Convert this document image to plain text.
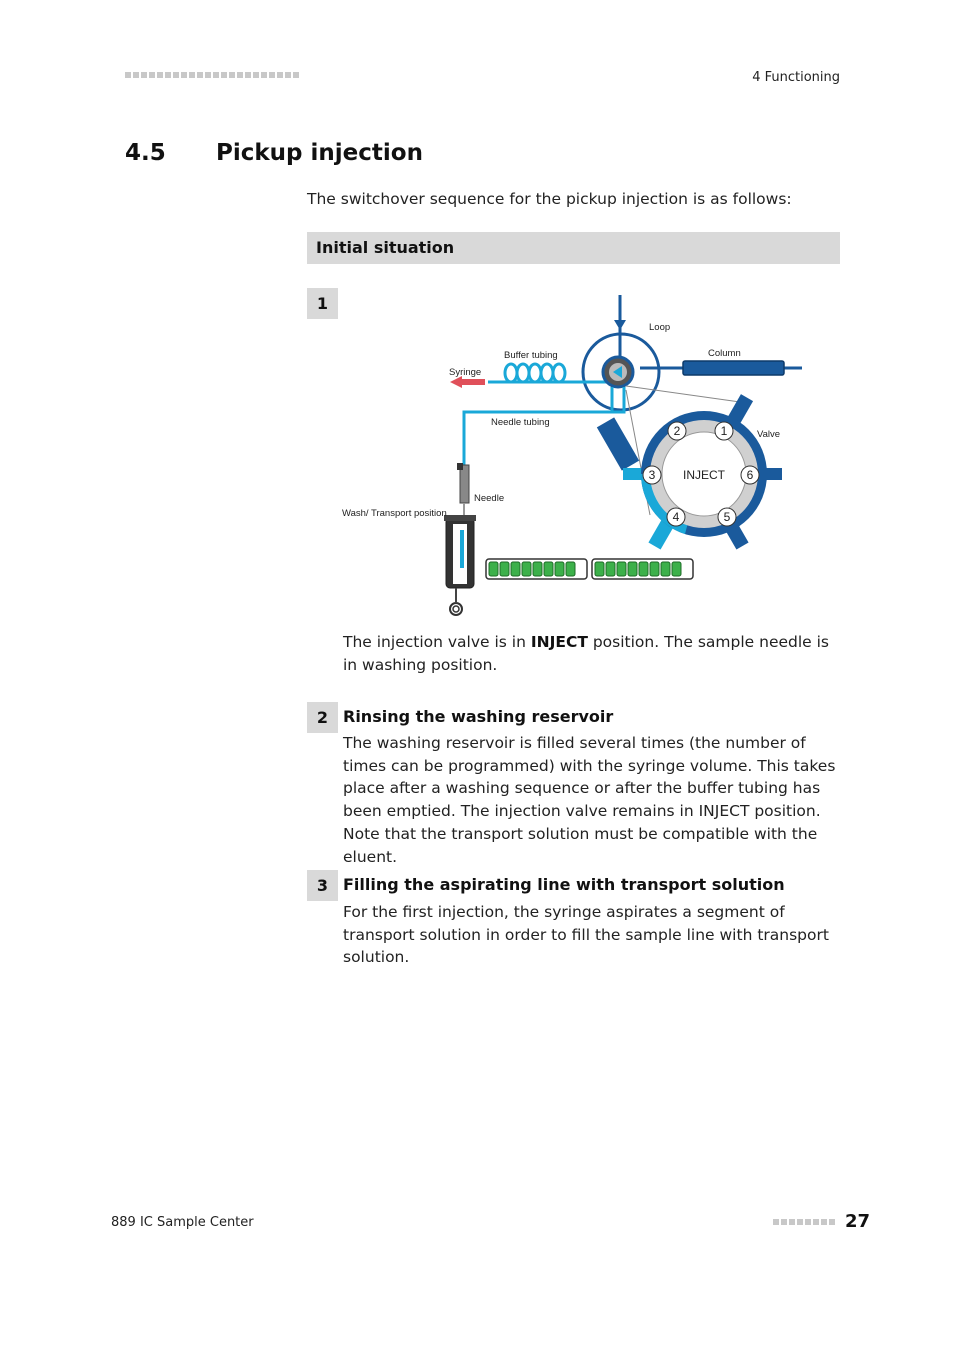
4 Functioning
4.5 Pickup injection
The switchover sequence for the pickup injection is as follows:
Initial situation
1
1
2
3
4	5
6
INJECT
Loop
Buffer tubing	Column
Syringe
Needle tubing
Valve
Needle
Wash/ Transport position
The injection valve is in INJECT position. The sample needle is in washing position.
2 Rinsing the washing reservoir
The washing reservoir is filled several times (the number of times can be programmed) with the syringe volume. This takes place after a washing sequence or after the buffer tubing has been emptied. The injection valve remains in INJECT position. Note that the transport solution must be compatible with the eluent.
3 Filling the aspirating line with transport solution
For the first injection, the syringe aspirates a segment of transport solution in order to fill the sample line with transport solution.
889 IC Sample Center	27
